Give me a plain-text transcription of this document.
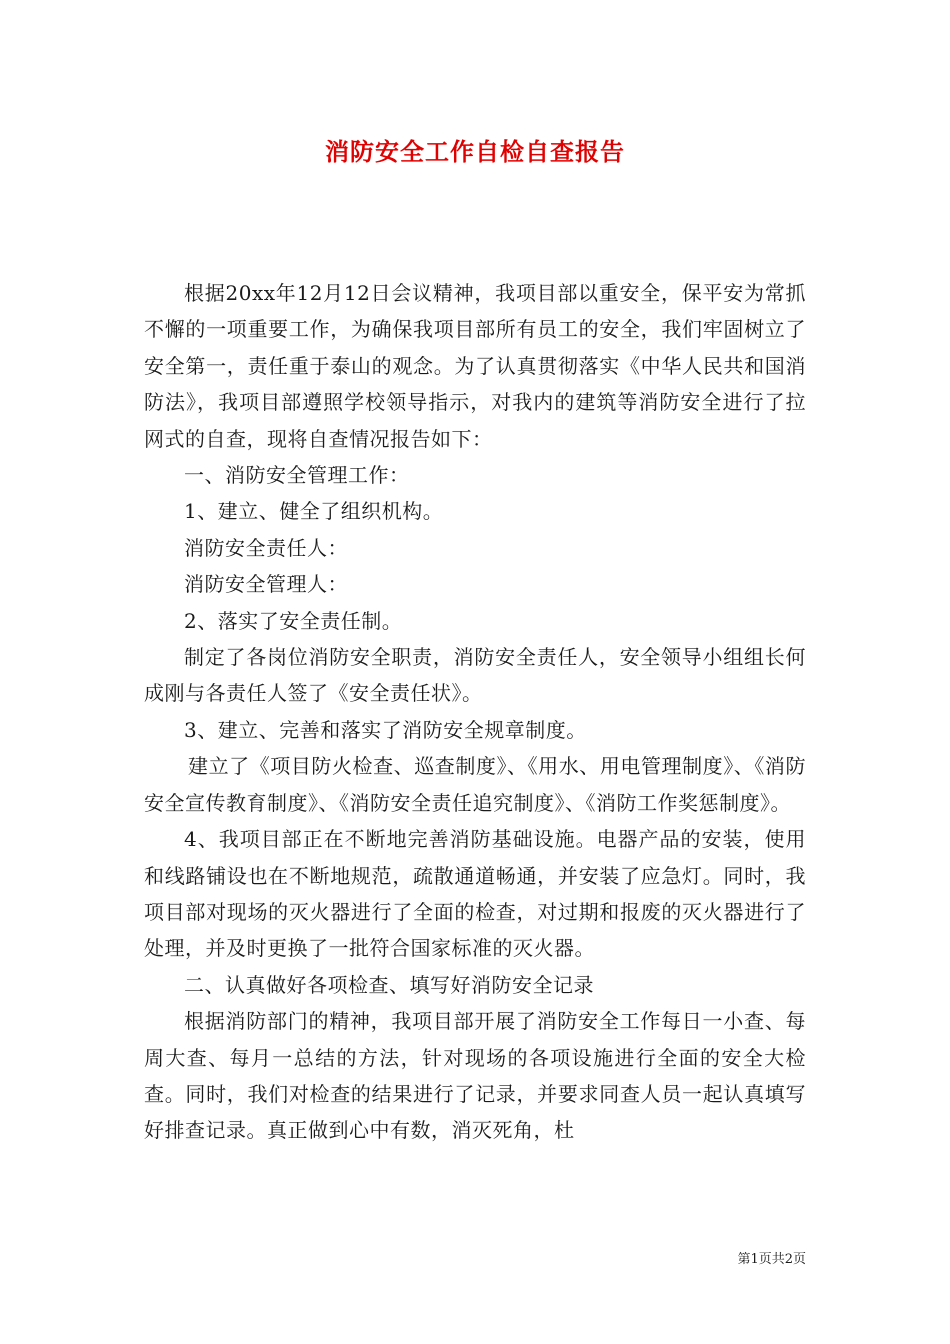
消防安全工作自检自查报告

根据20xx年12月12日会议精神，我项目部以重安全，保平安为常抓不懈的一项重要工作，为确保我项目部所有员工的安全，我们牢固树立了安全第一，责任重于泰山的观念。为了认真贯彻落实《中华人民共和国消防法》，我项目部遵照学校领导指示，对我内的建筑等消防安全进行了拉网式的自查，现将自查情况报告如下：

一、消防安全管理工作：

1、建立、健全了组织机构。

消防安全责任人：

消防安全管理人：

2、落实了安全责任制。

制定了各岗位消防安全职责，消防安全责任人，安全领导小组组长何成刚与各责任人签了《安全责任状》。

3、建立、完善和落实了消防安全规章制度。

建立了《项目防火检查、巡查制度》、《用水、用电管理制度》、《消防安全宣传教育制度》、《消防安全责任追究制度》、《消防工作奖惩制度》。

4、我项目部正在不断地完善消防基础设施。电器产品的安装，使用和线路铺设也在不断地规范，疏散通道畅通，并安装了应急灯。同时，我项目部对现场的灭火器进行了全面的检查，对过期和报废的灭火器进行了处理，并及时更换了一批符合国家标准的灭火器。

二、认真做好各项检查、填写好消防安全记录

根据消防部门的精神，我项目部开展了消防安全工作每日一小查、每周大查、每月一总结的方法，针对现场的各项设施进行全面的安全大检查。同时，我们对检查的结果进行了记录，并要求同查人员一起认真填写好排查记录。真正做到心中有数，消灭死角，杜

第1页共2页
